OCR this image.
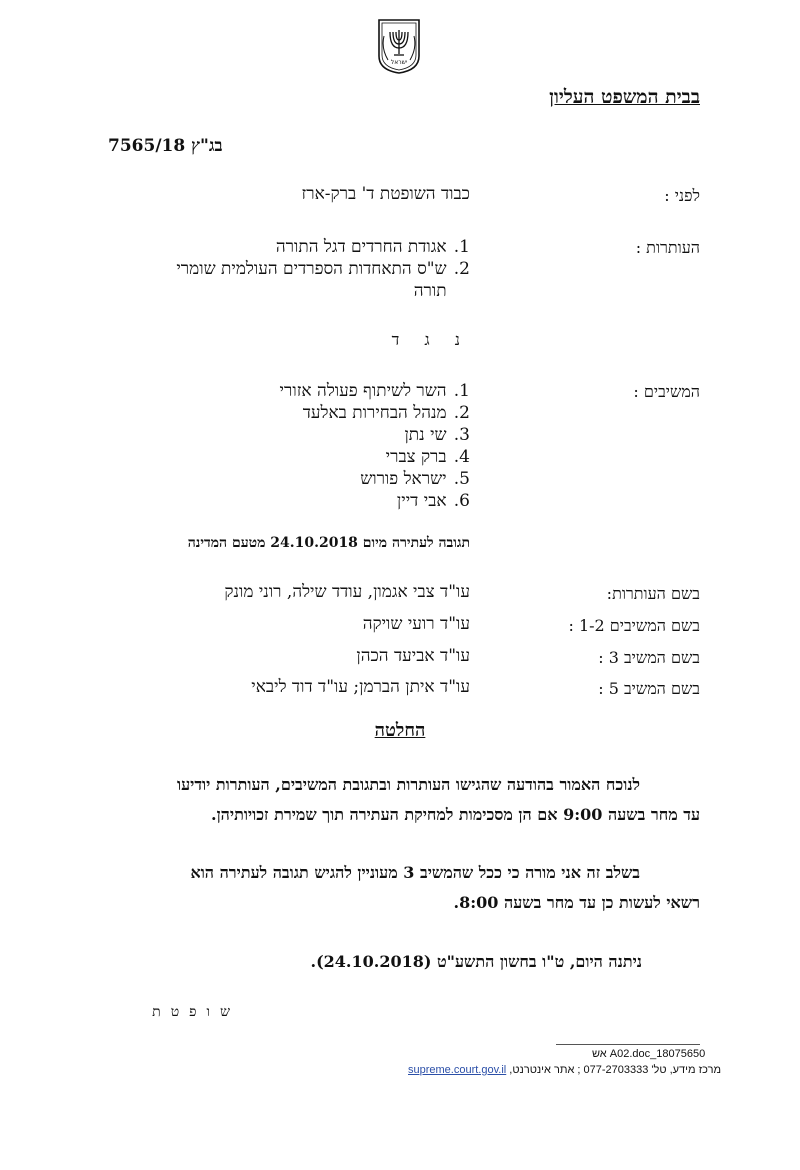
ישראל
בבית המשפט העליון
בג"ץ 7565/18
לפני :
כבוד השופטת ד' ברק-ארז
העותרות :
1. אגודת החרדים דגל התורה
2. ש"ס התאחדות הספרדים העולמית שומרי
תורה
נ ג ד
המשיבים :
1. השר לשיתוף פעולה אזורי
2. מנהל הבחירות באלעד
3. שי נתן
4. ברק צברי
5. ישראל פורוש
6. אבי דיין
תגובה לעתירה מיום 24.10.2018 מטעם המדינה
בשם העותרות:
עו"ד צבי אגמון, עודד שילה, רוני מונק
בשם המשיבים 1-2 :
עו"ד רועי שויקה
בשם המשיב 3 :
עו"ד אביעד הכהן
בשם המשיב 5 :
עו"ד איתן הברמן; עו"ד דוד ליבאי
החלטה
לנוכח האמור בהודעה שהגישו העותרות ובתגובת המשיבים, העותרות יודיעו
עד מחר בשעה 9:00 אם הן מסכימות למחיקת העתירה תוך שמירת זכויותיהן.
בשלב זה אני מורה כי ככל שהמשיב 3 מעוניין להגיש תגובה לעתירה הוא
רשאי לעשות כן עד מחר בשעה 8:00.
ניתנה היום, ט"ו בחשון התשע"ט (24.10.2018).
שופטת
18075650_A02.doc אש
מרכז מידע, טל' 077-2703333 ; אתר אינטרנט, supreme.court.gov.il
